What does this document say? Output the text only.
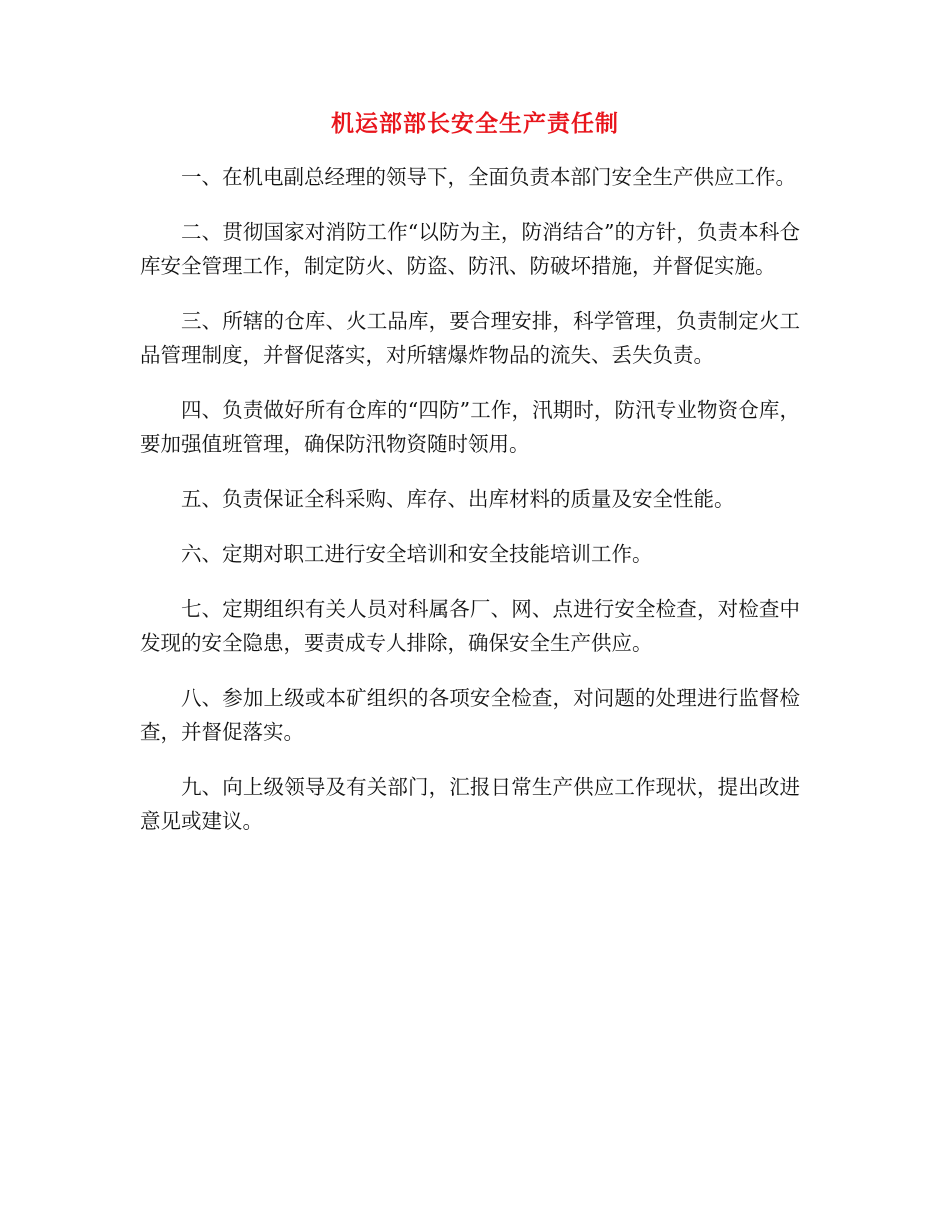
机运部部长安全生产责任制

一、在机电副总经理的领导下，全面负责本部门安全生产供应工作。

二、贯彻国家对消防工作“以防为主，防消结合”的方针，负责本科仓库安全管理工作，制定防火、防盗、防汛、防破坏措施，并督促实施。

三、所辖的仓库、火工品库，要合理安排，科学管理，负责制定火工品管理制度，并督促落实，对所辖爆炸物品的流失、丢失负责。

四、负责做好所有仓库的“四防”工作，汛期时，防汛专业物资仓库，要加强值班管理，确保防汛物资随时领用。

五、负责保证全科采购、库存、出库材料的质量及安全性能。

六、定期对职工进行安全培训和安全技能培训工作。

七、定期组织有关人员对科属各厂、网、点进行安全检查，对检查中发现的安全隐患，要责成专人排除，确保安全生产供应。

八、参加上级或本矿组织的各项安全检查，对问题的处理进行监督检查，并督促落实。

九、向上级领导及有关部门，汇报日常生产供应工作现状，提出改进意见或建议。
